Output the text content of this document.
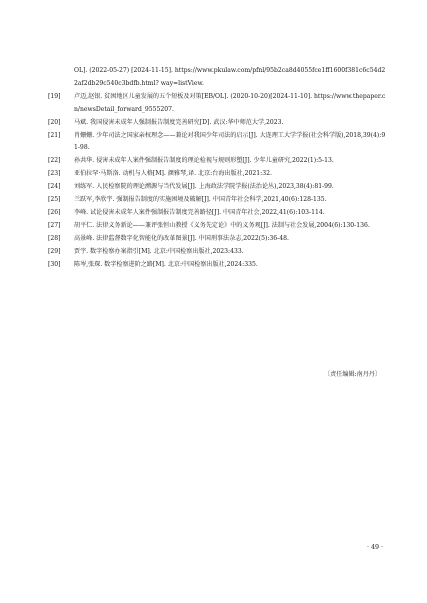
OL]. (2022-05-27) [2024-11-15]. https://www.pkulaw.com/pfnl/95b2ca8d4055fce1ff1600f381c6c54d22af2db29c540c3bdfb.html? way=listView.
[19]	卢迈,赵银. 贫困地区儿童发展的五个短板及对策[EB/OL]. (2020-10-20)[2024-11-10]. https://www.thepaper.cn/newsDetail_forward_9555207.
[20]	马斌. 我国侵害未成年人强制报告制度完善研究[D]. 武汉:华中师范大学,2023.
[21]	肖姗姗. 少年司法之国家亲权理念——兼论对我国少年司法的启示[J]. 大连理工大学学报(社会科学版),2018,39(4):91-98.
[22]	孙共华. 侵害未成年人案件强制报告制度的理论检视与规则形塑[J]. 少年儿童研究,2022(1):5-13.
[23]	亚伯拉罕·马斯洛. 动机与人格[M]. 颜雅琴,译. 北京:台海出版社,2021:32.
[24]	刘练军. 人民检察院的理论溯源与当代发展[J]. 上海政法学院学报(法治论丛),2023,38(4):81-99.
[25]	兰跃军,李欣宇. 强制报告制度的实施困境及破解[J]. 中国青年社会科学,2021,40(6):128-135.
[26]	李峰. 试论侵害未成年人案件强制报告制度完善路径[J]. 中国青年社会,2022,41(6):103-114.
[27]	胡平仁. 法律义务新论——兼评张恒山教授《义务先定论》中的义务观[J]. 法制与社会发展,2004(6):130-136.
[28]	高景峰. 法律监督数字化智能化的改革图景[J]. 中国刑事法杂志,2022(5):36-48.
[29]	贾宇. 数字检察办案指引[M]. 北京:中国检察出版社,2023:433.
[30]	陈岑,张琛. 数字检察进阶之路[M]. 北京:中国检察出版社,2024:335.
〔责任编辑:南丹丹〕
· 49 ·
